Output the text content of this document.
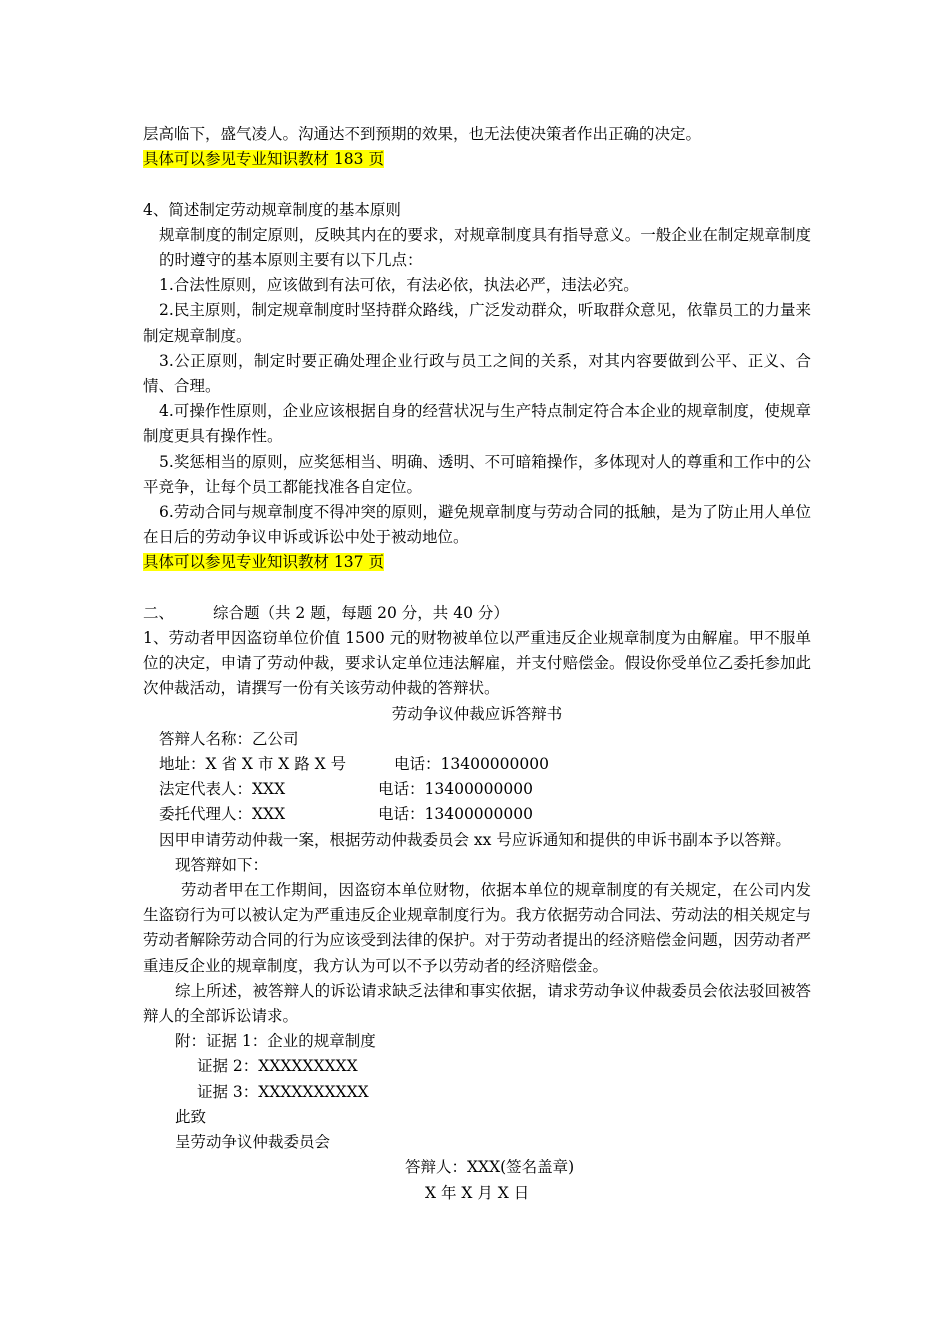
层高临下，盛气凌人。沟通达不到预期的效果，也无法使决策者作出正确的决定。

具体可以参见专业知识教材 183 页

4、简述制定劳动规章制度的基本原则

规章制度的制定原则，反映其内在的要求，对规章制度具有指导意义。一般企业在制定规章制度的时遵守的基本原则主要有以下几点：

1.合法性原则，应该做到有法可依，有法必依，执法必严，违法必究。

2.民主原则，制定规章制度时坚持群众路线，广泛发动群众，听取群众意见，依靠员工的力量来制定规章制度。

3.公正原则，制定时要正确处理企业行政与员工之间的关系，对其内容要做到公平、正义、合情、合理。

4.可操作性原则，企业应该根据自身的经营状况与生产特点制定符合本企业的规章制度，使规章制度更具有操作性。

5.奖惩相当的原则，应奖惩相当、明确、透明、不可暗箱操作，多体现对人的尊重和工作中的公平竞争，让每个员工都能找准各自定位。

6.劳动合同与规章制度不得冲突的原则，避免规章制度与劳动合同的抵触，是为了防止用人单位在日后的劳动争议申诉或诉讼中处于被动地位。

具体可以参见专业知识教材 137 页

二、	综合题（共 2 题，每题 20 分，共 40 分）

1、劳动者甲因盗窃单位价值 1500 元的财物被单位以严重违反企业规章制度为由解雇。甲不服单位的决定，申请了劳动仲裁，要求认定单位违法解雇，并支付赔偿金。假设你受单位乙委托参加此次仲裁活动，请撰写一份有关该劳动仲裁的答辩状。

劳动争议仲裁应诉答辩书

答辩人名称：乙公司

地址：X 省 X 市 X 路 X 号	电话：13400000000

法定代表人：XXX	电话：13400000000

委托代理人：XXX	电话：13400000000

因甲申请劳动仲裁一案，根据劳动仲裁委员会 xx 号应诉通知和提供的申诉书副本予以答辩。

现答辩如下：

劳动者甲在工作期间，因盗窃本单位财物，依据本单位的规章制度的有关规定，在公司内发生盗窃行为可以被认定为严重违反企业规章制度行为。我方依据劳动合同法、劳动法的相关规定与劳动者解除劳动合同的行为应该受到法律的保护。对于劳动者提出的经济赔偿金问题，因劳动者严重违反企业的规章制度，我方认为可以不予以劳动者的经济赔偿金。

综上所述，被答辩人的诉讼请求缺乏法律和事实依据，请求劳动争议仲裁委员会依法驳回被答辩人的全部诉讼请求。

附：证据 1：企业的规章制度

证据 2：XXXXXXXXX

证据 3：XXXXXXXXXX

此致

呈劳动争议仲裁委员会

答辩人：XXX(签名盖章)

X 年 X 月 X 日
